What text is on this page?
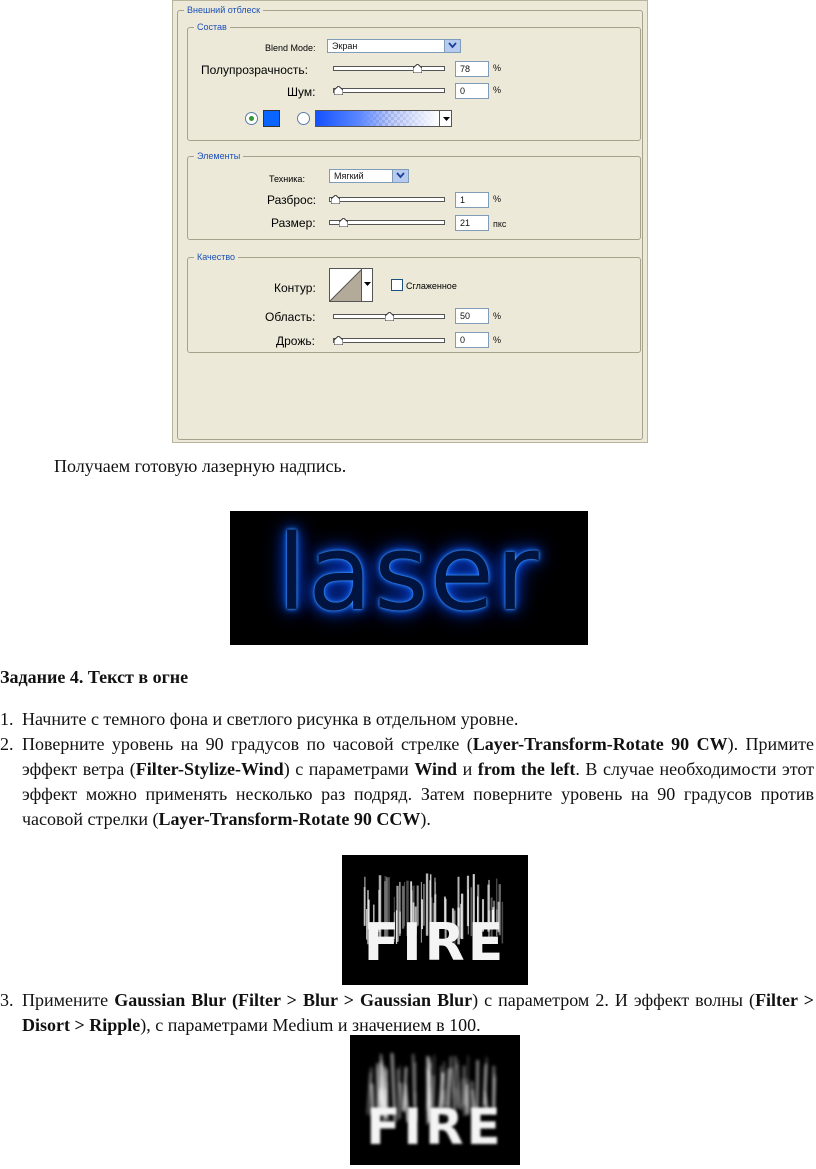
Внешний отблеск
Состав
Blend Mode: Экран
Полупрозрачность:	78	%
Шум:	0	%
Элементы
Техника:	Мягкий
Разброс:	1	%
Размер:	21	пкс
Качество
Контур:	Сглаженное
Область:	50	%
Дрожь:	0	%

Получаем готовую лазерную надпись.

laser
Задание 4. Текст в огне
1. Начните с темного фона и светлого рисунка в отдельном уровне.
2. Поверните уровень на 90 градусов по часовой стрелке (Layer-Transform-Rotate 90 CW). Примите эффект ветра (Filter-Stylize-Wind) с параметрами Wind и from the left. В случае необходимости этот эффект можно применять несколько раз подряд. Затем поверните уровень на 90 градусов против часовой стрелки (Layer-Transform-Rotate 90 CCW).
FIRE
3. Примените Gaussian Blur (Filter > Blur > Gaussian Blur) с параметром 2. И эффект волны (Filter > Disort > Ripple), с параметрами Medium и значением в 100.
FIRE
